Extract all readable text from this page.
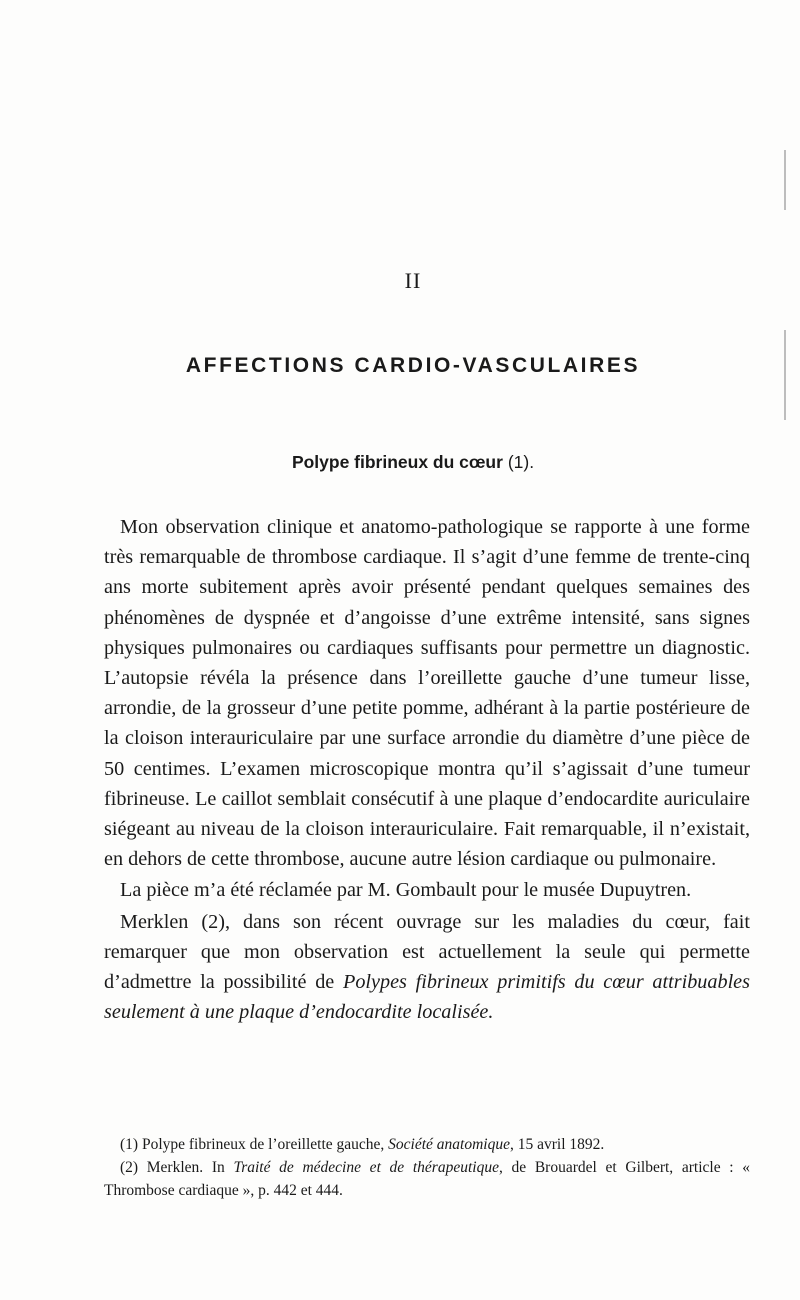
II
AFFECTIONS CARDIO-VASCULAIRES
Polype fibrineux du cœur (1).

Mon observation clinique et anatomo-pathologique se rapporte à une forme très remarquable de thrombose cardiaque. Il s’agit d’une femme de trente-cinq ans morte subitement après avoir présenté pendant quelques semaines des phénomènes de dyspnée et d’angoisse d’une extrême intensité, sans signes physiques pulmonaires ou cardiaques suffisants pour permettre un diagnostic. L’autopsie révéla la présence dans l’oreillette gauche d’une tumeur lisse, arrondie, de la grosseur d’une petite pomme, adhérant à la partie postérieure de la cloison interauriculaire par une surface arrondie du diamètre d’une pièce de 50 centimes. L’examen microscopique montra qu’il s’agissait d’une tumeur fibrineuse. Le caillot semblait consécutif à une plaque d’endocardite auriculaire siégeant au niveau de la cloison interauriculaire. Fait remarquable, il n’existait, en dehors de cette thrombose, aucune autre lésion cardiaque ou pulmonaire.

La pièce m’a été réclamée par M. Gombault pour le musée Dupuytren.

Merklen (2), dans son récent ouvrage sur les maladies du cœur, fait remarquer que mon observation est actuellement la seule qui permette d’admettre la possibilité de Polypes fibrineux primitifs du cœur attribuables seulement à une plaque d’endocardite localisée.

(1) Polype fibrineux de l’oreillette gauche, Société anatomique, 15 avril 1892.

(2) Merklen. In Traité de médecine et de thérapeutique, de Brouardel et Gilbert, article : « Thrombose cardiaque », p. 442 et 444.
